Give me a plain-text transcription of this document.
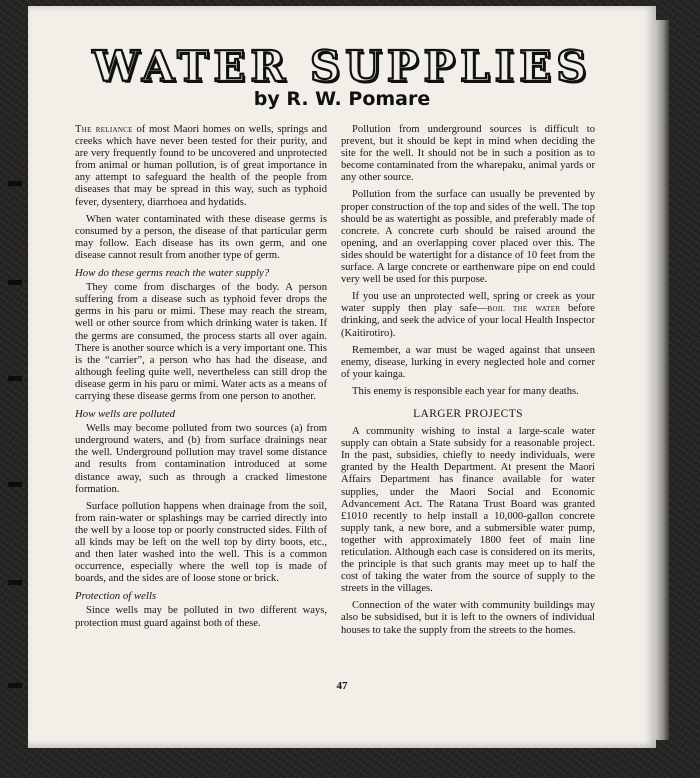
WATER SUPPLIES
by R. W. Pomare

The reliance of most Maori homes on wells, springs and creeks which have never been tested for their purity, and are very frequently found to be uncovered and unprotected from animal or human pollution, is of great importance in any attempt to safeguard the health of the people from diseases that may be spread in this way, such as typhoid fever, dysentery, diarrhoea and hydatids.

When water contaminated with these disease germs is consumed by a person, the disease of that particular germ may follow. Each disease has its own germ, and one disease cannot result from another type of germ.

How do these germs reach the water supply?

They come from discharges of the body. A person suffering from a disease such as typhoid fever drops the germs in his paru or mimi. These may reach the stream, well or other source from which drinking water is taken. If the germs are consumed, the process starts all over again. There is another source which is a very important one. This is the “carrier”, a person who has had the disease, and although feeling quite well, nevertheless can still drop the disease germ in his paru or mimi. Water acts as a means of carrying these disease germs from one person to another.

How wells are polluted

Wells may become polluted from two sources (a) from underground waters, and (b) from surface drainings near the well. Underground pollution may travel some distance and results from contamination introduced at some distance away, such as through a cracked limestone formation.

Surface pollution happens when drainage from the soil, from rain-water or splashings may be carried directly into the well by a loose top or poorly constructed sides. Filth of all kinds may be left on the well top by dirty boots, etc., and then later washed into the well. This is a common occurrence, especially where the well top is made of boards, and the sides are of loose stone or brick.

Protection of wells

Since wells may be polluted in two different ways, protection must guard against both of these.

Pollution from underground sources is difficult to prevent, but it should be kept in mind when deciding the site for the well. It should not be in such a position as to become contaminated from the wharepaku, animal yards or any other source.

Pollution from the surface can usually be prevented by proper construction of the top and sides of the well. The top should be as watertight as possible, and preferably made of concrete. A concrete curb should be raised around the opening, and an overlapping cover placed over this. The sides should be watertight for a distance of 10 feet from the surface. A large concrete or earthenware pipe on end could very well be used for this purpose.

If you use an unprotected well, spring or creek as your water supply then play safe—boil the water before drinking, and seek the advice of your local Health Inspector (Kaitirotiro).

Remember, a war must be waged against that unseen enemy, disease, lurking in every neglected hole and corner of your kainga.

This enemy is responsible each year for many deaths.

LARGER PROJECTS

A community wishing to instal a large-scale water supply can obtain a State subsidy for a reasonable project. In the past, subsidies, chiefly to needy individuals, were granted by the Health Department. At present the Maori Affairs Department has finance available for water supplies, under the Maori Social and Economic Advancement Act. The Ratana Trust Board was granted £1010 recently to help install a 10,000-gallon concrete supply tank, a new bore, and a submersible water pump, together with approximately 1800 feet of main line reticulation. Although each case is considered on its merits, the principle is that such grants may meet up to half the cost of taking the water from the source of supply to the streets in the villages.

Connection of the water with community buildings may also be subsidised, but it is left to the owners of individual houses to take the supply from the streets to the homes.

47
